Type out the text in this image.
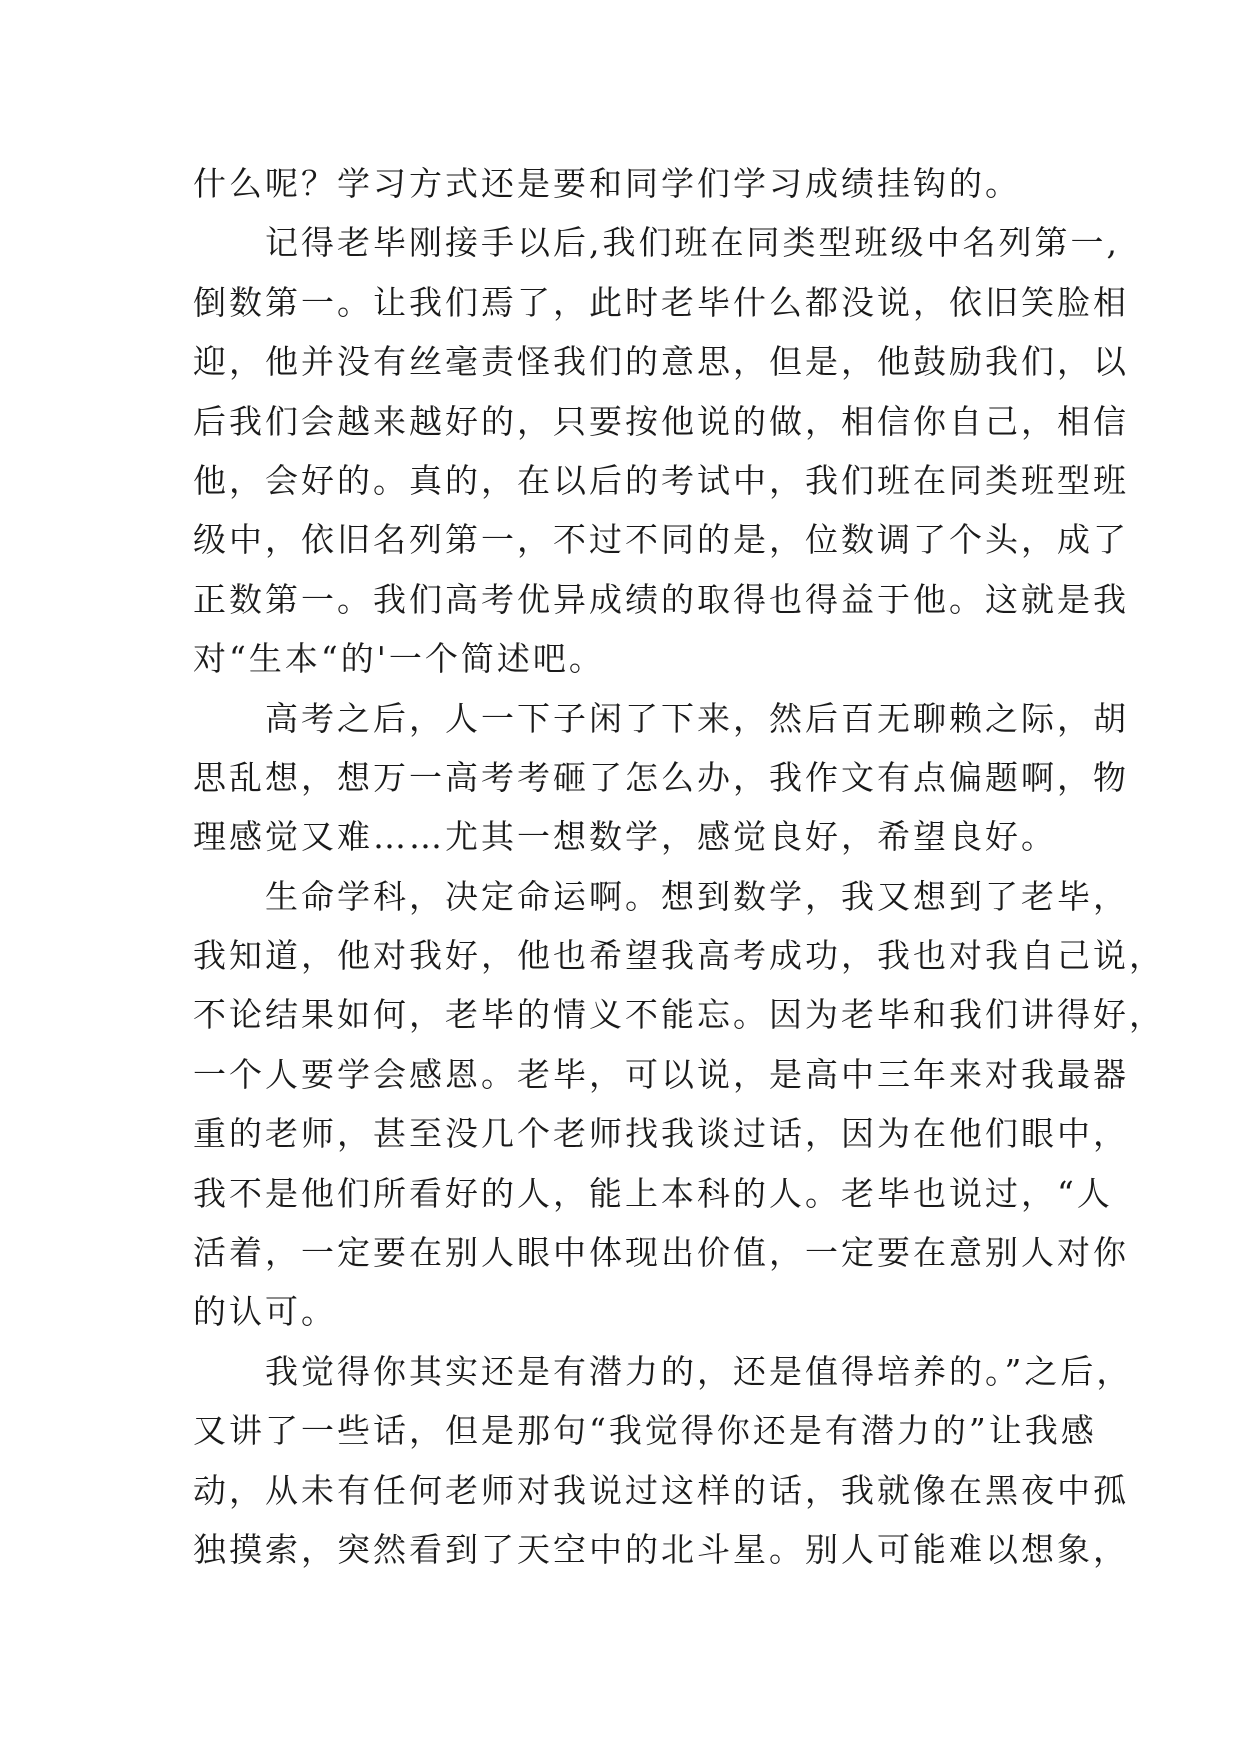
什么呢？学习方式还是要和同学们学习成绩挂钩的。
　　记得老毕刚接手以后,我们班在同类型班级中名列第一,
倒数第一。让我们焉了，此时老毕什么都没说，依旧笑脸相
迎，他并没有丝毫责怪我们的意思，但是，他鼓励我们，以
后我们会越来越好的，只要按他说的做，相信你自己，相信
他，会好的。真的，在以后的考试中，我们班在同类班型班
级中，依旧名列第一，不过不同的是，位数调了个头，成了
正数第一。我们高考优异成绩的取得也得益于他。这就是我
对“生本“的'一个简述吧。
　　高考之后，人一下子闲了下来，然后百无聊赖之际，胡
思乱想，想万一高考考砸了怎么办，我作文有点偏题啊，物
理感觉又难……尤其一想数学，感觉良好，希望良好。
　　生命学科，决定命运啊。想到数学，我又想到了老毕，
我知道，他对我好，他也希望我高考成功，我也对我自己说，
不论结果如何，老毕的情义不能忘。因为老毕和我们讲得好，
一个人要学会感恩。老毕，可以说，是高中三年来对我最器
重的老师，甚至没几个老师找我谈过话，因为在他们眼中，
我不是他们所看好的人，能上本科的人。老毕也说过，“人
活着，一定要在别人眼中体现出价值，一定要在意别人对你
的认可。
　　我觉得你其实还是有潜力的，还是值得培养的。”之后，
又讲了一些话，但是那句“我觉得你还是有潜力的”让我感
动，从未有任何老师对我说过这样的话，我就像在黑夜中孤
独摸索，突然看到了天空中的北斗星。别人可能难以想象，
